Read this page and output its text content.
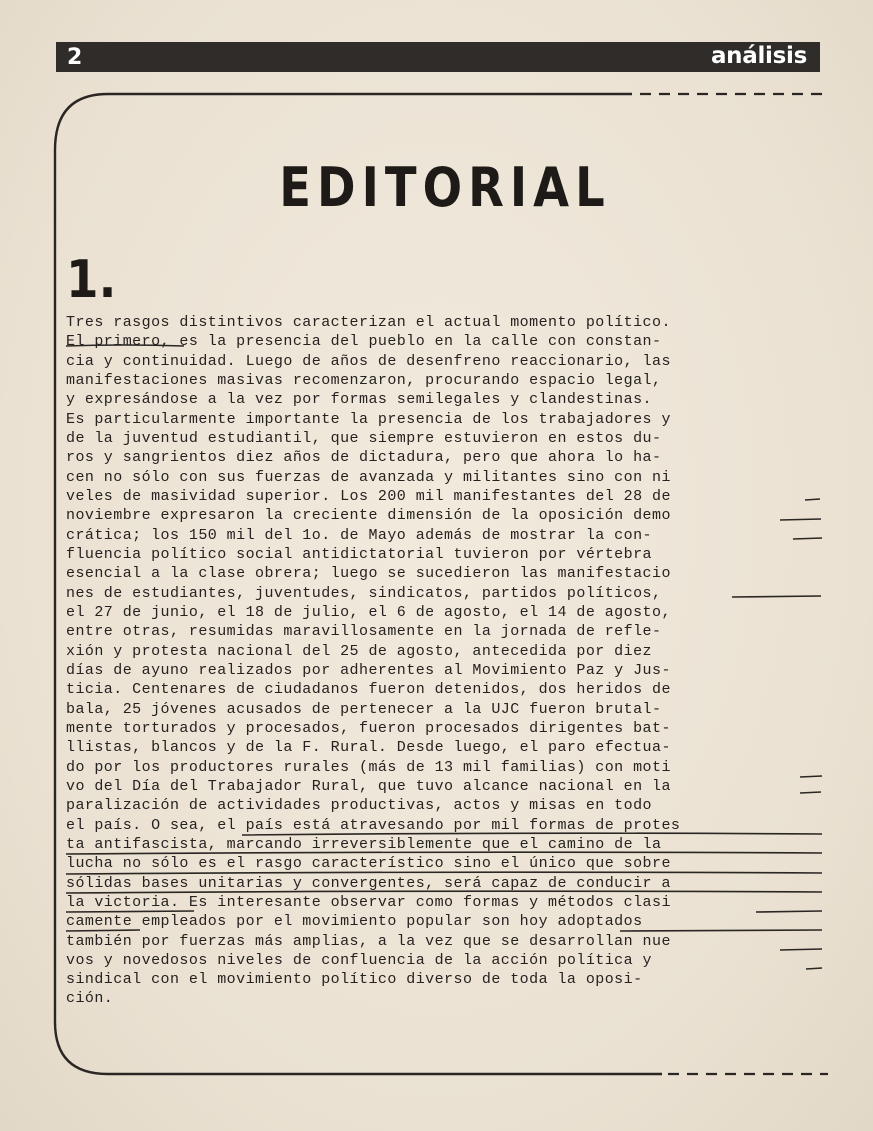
2	análisis
EDITORIAL
1.
Tres rasgos distintivos caracterizan el actual momento político.
El primero, es la presencia del pueblo en la calle con constan-
cia y continuidad. Luego de años de desenfreno reaccionario, las
manifestaciones masivas recomenzaron, procurando espacio legal,
y expresándose a la vez por formas semilegales y clandestinas.
Es particularmente importante la presencia de los trabajadores y
de la juventud estudiantil, que siempre estuvieron en estos du-
ros y sangrientos diez años de dictadura, pero que ahora lo ha-
cen no sólo con sus fuerzas de avanzada y militantes sino con ni
veles de masividad superior. Los 200 mil manifestantes del 28 de
noviembre expresaron la creciente dimensión de la oposición demo
crática; los 150 mil del 1o. de Mayo además de mostrar la con-
fluencia político social antidictatorial tuvieron por vértebra
esencial a la clase obrera; luego se sucedieron las manifestacio
nes de estudiantes, juventudes, sindicatos, partidos políticos,
el 27 de junio, el 18 de julio, el 6 de agosto, el 14 de agosto,
entre otras, resumidas maravillosamente en la jornada de refle-
xión y protesta nacional del 25 de agosto, antecedida por diez
días de ayuno realizados por adherentes al Movimiento Paz y Jus-
ticia. Centenares de ciudadanos fueron detenidos, dos heridos de
bala, 25 jóvenes acusados de pertenecer a la UJC fueron brutal-
mente torturados y procesados, fueron procesados dirigentes bat-
llistas, blancos y de la F. Rural. Desde luego, el paro efectua-
do por los productores rurales (más de 13 mil familias) con moti
vo del Día del Trabajador Rural, que tuvo alcance nacional en la
paralización de actividades productivas, actos y misas en todo
el país. O sea, el país está atravesando por mil formas de protes
ta antifascista, marcando irreversiblemente que el camino de la
lucha no sólo es el rasgo característico sino el único que sobre
sólidas bases unitarias y convergentes, será capaz de conducir a
la victoria. Es interesante observar como formas y métodos clasi
camente empleados por el movimiento popular son hoy adoptados
también por fuerzas más amplias, a la vez que se desarrollan nue
vos y novedosos niveles de confluencia de la acción política y
sindical con el movimiento político diverso de toda la oposi-
ción.
